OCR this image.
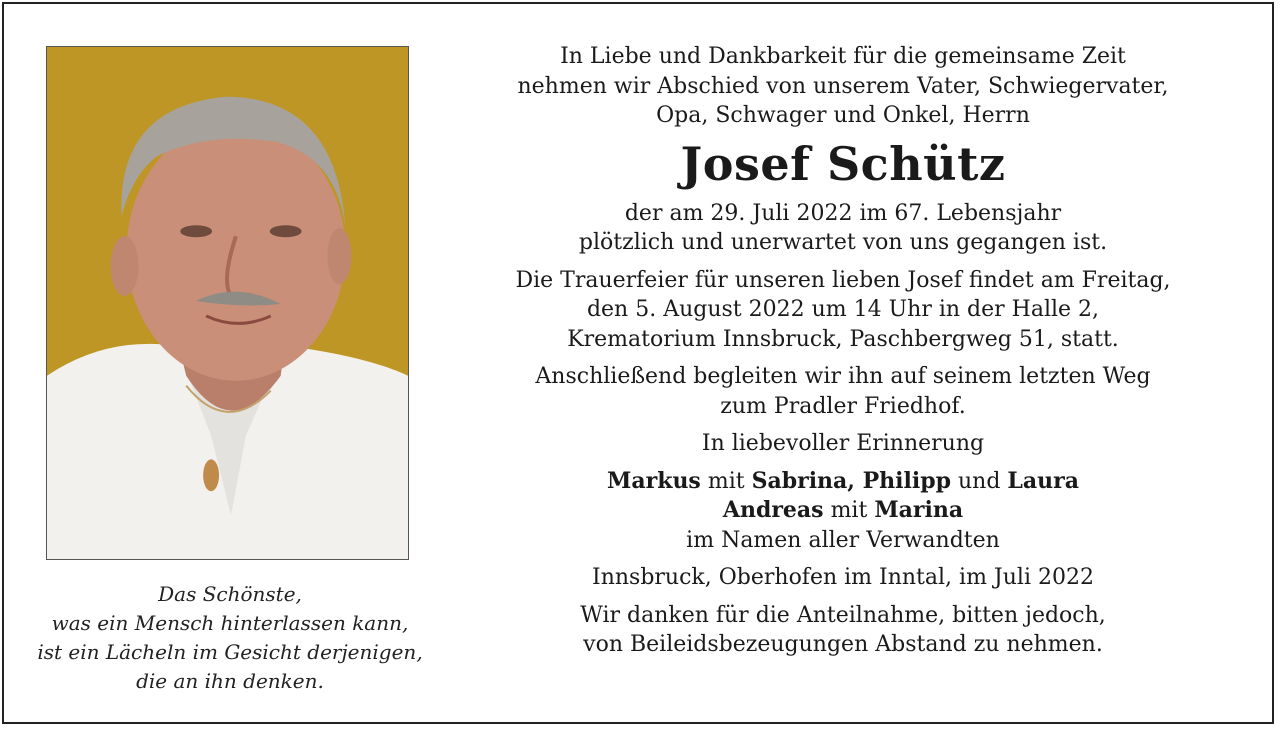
Das Schönste,
was ein Mensch hinterlassen kann,
ist ein Lächeln im Gesicht derjenigen,
die an ihn denken.

In Liebe und Dankbarkeit für die gemeinsame Zeit

nehmen wir Abschied von unserem Vater, Schwiegervater,

Opa, Schwager und Onkel, Herrn

Josef Schütz

der am 29. Juli 2022 im 67. Lebensjahr

plötzlich und unerwartet von uns gegangen ist.

Die Trauerfeier für unseren lieben Josef findet am Freitag,

den 5. August 2022 um 14 Uhr in der Halle 2,

Krematorium Innsbruck, Paschbergweg 51, statt.

Anschließend begleiten wir ihn auf seinem letzten Weg

zum Pradler Friedhof.

In liebevoller Erinnerung

Markus mit Sabrina, Philipp und Laura

Andreas mit Marina

im Namen aller Verwandten

Innsbruck, Oberhofen im Inntal, im Juli 2022

Wir danken für die Anteilnahme, bitten jedoch,

von Beileidsbezeugungen Abstand zu nehmen.
